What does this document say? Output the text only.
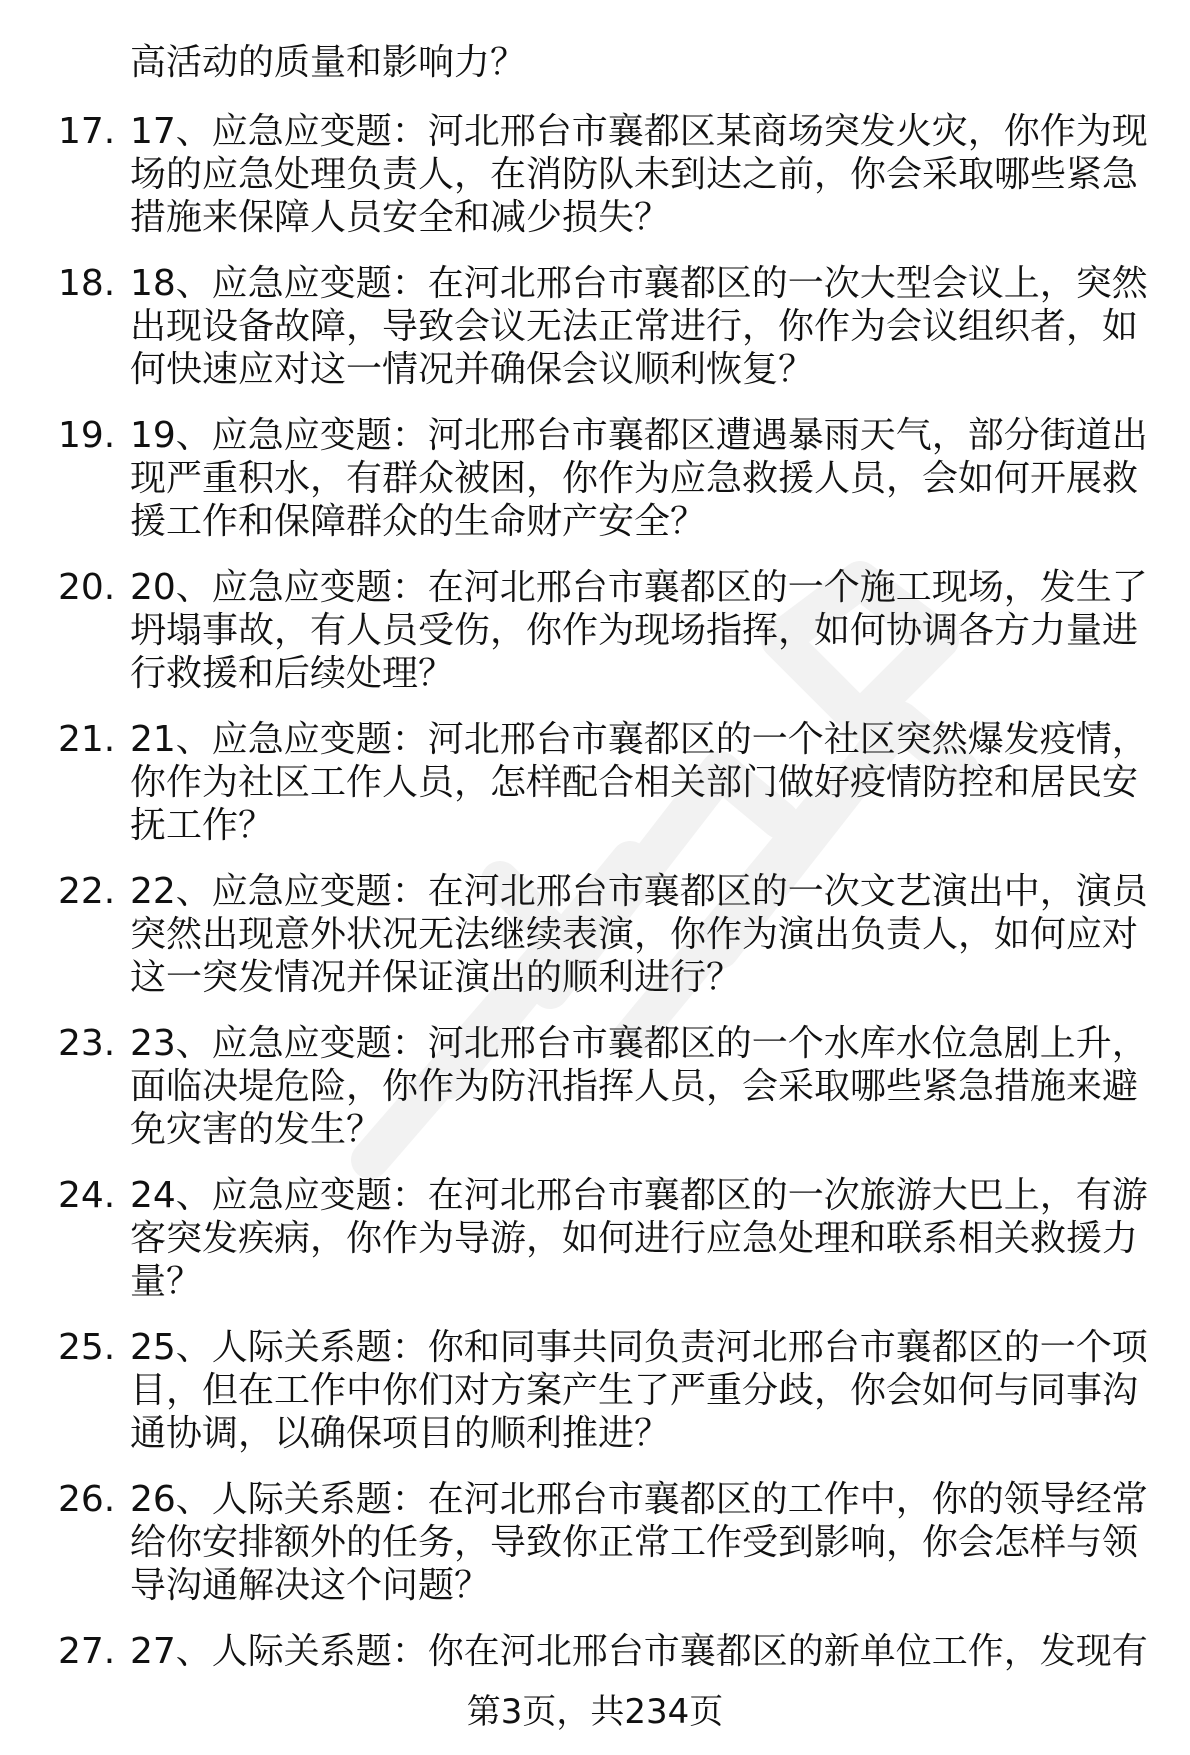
高活动的质量和影响力？
17. 17、应急应变题：河北邢台市襄都区某商场突发火灾，你作为现场的应急处理负责人，在消防队未到达之前，你会采取哪些紧急措施来保障人员安全和减少损失？
18. 18、应急应变题：在河北邢台市襄都区的一次大型会议上，突然出现设备故障，导致会议无法正常进行，你作为会议组织者，如何快速应对这一情况并确保会议顺利恢复？
19. 19、应急应变题：河北邢台市襄都区遭遇暴雨天气，部分街道出现严重积水，有群众被困，你作为应急救援人员，会如何开展救援工作和保障群众的生命财产安全？
20. 20、应急应变题：在河北邢台市襄都区的一个施工现场，发生了坍塌事故，有人员受伤，你作为现场指挥，如何协调各方力量进行救援和后续处理？
21. 21、应急应变题：河北邢台市襄都区的一个社区突然爆发疫情，你作为社区工作人员，怎样配合相关部门做好疫情防控和居民安抚工作？
22. 22、应急应变题：在河北邢台市襄都区的一次文艺演出中，演员突然出现意外状况无法继续表演，你作为演出负责人，如何应对这一突发情况并保证演出的顺利进行？
23. 23、应急应变题：河北邢台市襄都区的一个水库水位急剧上升，面临决堤危险，你作为防汛指挥人员，会采取哪些紧急措施来避免灾害的发生？
24. 24、应急应变题：在河北邢台市襄都区的一次旅游大巴上，有游客突发疾病，你作为导游，如何进行应急处理和联系相关救援力量？
25. 25、人际关系题：你和同事共同负责河北邢台市襄都区的一个项目，但在工作中你们对方案产生了严重分歧，你会如何与同事沟通协调，以确保项目的顺利推进？
26. 26、人际关系题：在河北邢台市襄都区的工作中，你的领导经常给你安排额外的任务，导致你正常工作受到影响，你会怎样与领导沟通解决这个问题？
27. 27、人际关系题：你在河北邢台市襄都区的新单位工作，发现有
第3页，共234页
